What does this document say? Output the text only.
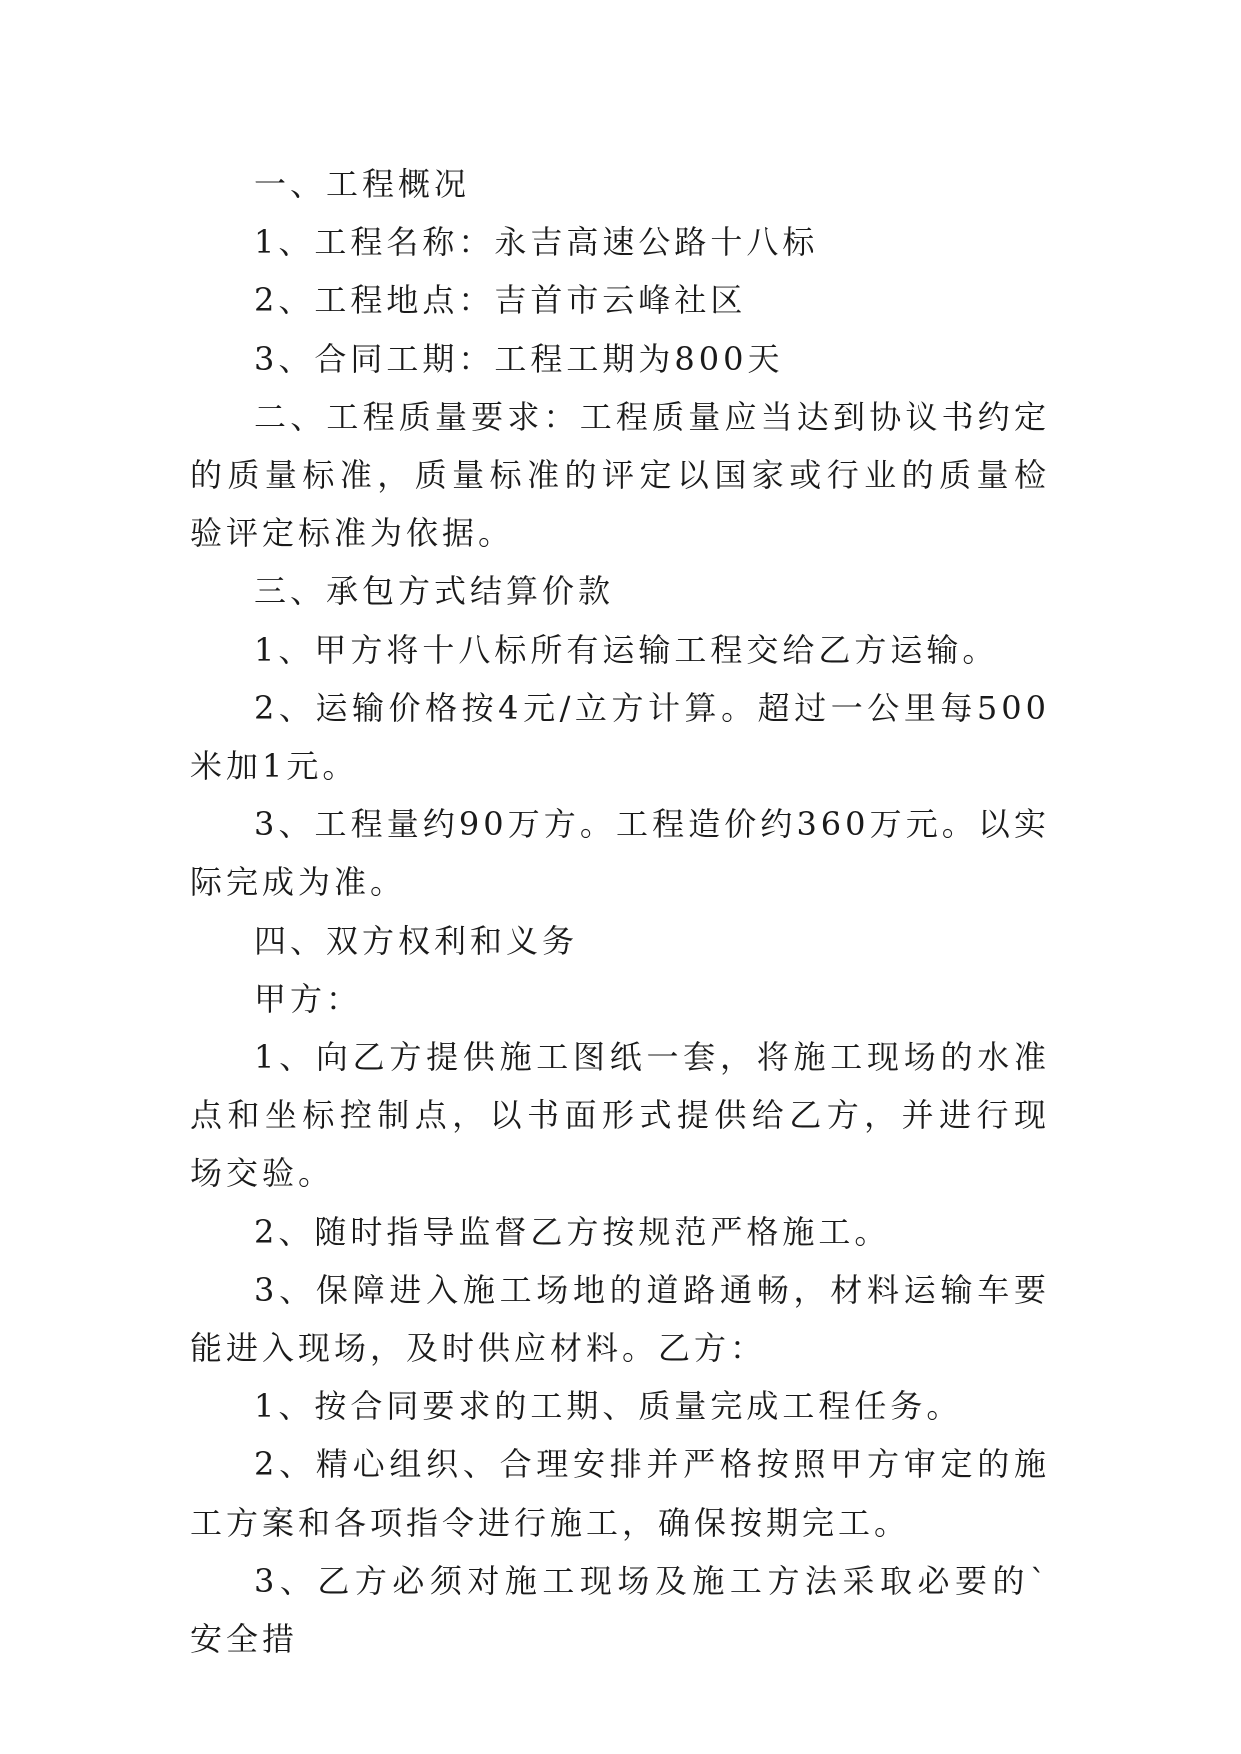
一、工程概况

1、工程名称：永吉高速公路十八标

2、工程地点：吉首市云峰社区

3、合同工期：工程工期为800天

二、工程质量要求：工程质量应当达到协议书约定的质量标准，质量标准的评定以国家或行业的质量检验评定标准为依据。

三、承包方式结算价款

1、甲方将十八标所有运输工程交给乙方运输。

2、运输价格按4元/立方计算。超过一公里每500米加1元。

3、工程量约90万方。工程造价约360万元。以实际完成为准。

四、双方权利和义务

甲方：

1、向乙方提供施工图纸一套，将施工现场的水准点和坐标控制点，以书面形式提供给乙方，并进行现场交验。

2、随时指导监督乙方按规范严格施工。

3、保障进入施工场地的道路通畅，材料运输车要能进入现场，及时供应材料。乙方：

1、按合同要求的工期、质量完成工程任务。

2、精心组织、合理安排并严格按照甲方审定的施工方案和各项指令进行施工，确保按期完工。

3、乙方必须对施工现场及施工方法采取必要的`安全措
